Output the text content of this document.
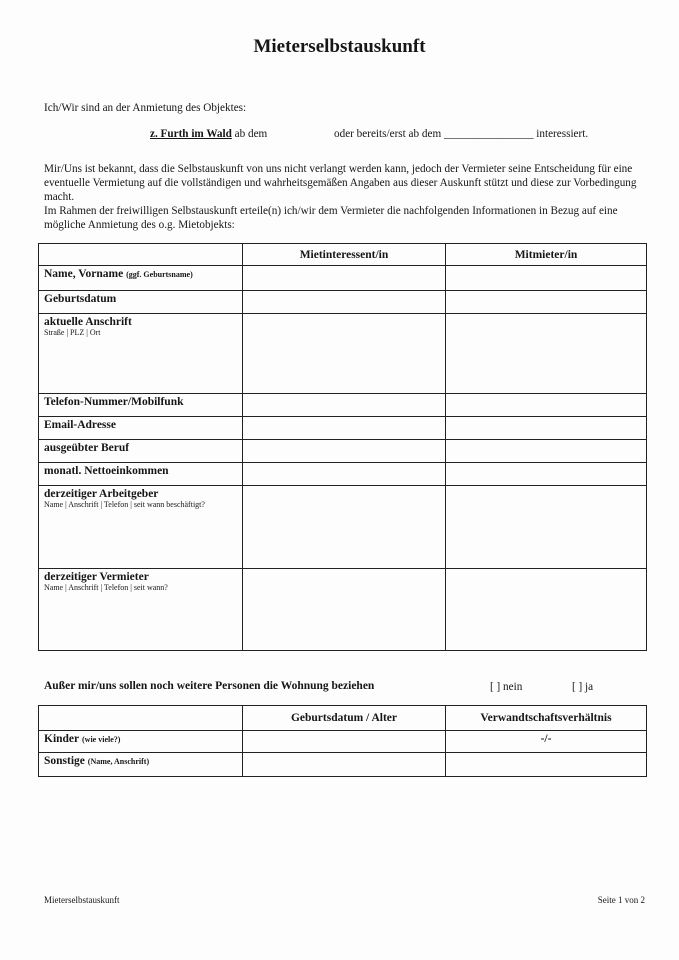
Mieterselbstauskunft
Ich/Wir sind an der Anmietung des Objektes:
z. Furth im Wald ab dem	oder bereits/erst ab dem ________________ interessiert.
Mir/Uns ist bekannt, dass die Selbstauskunft von uns nicht verlangt werden kann, jedoch der Vermieter seine Entscheidung für eine eventuelle Vermietung auf die vollständigen und wahrheitsgemäßen Angaben aus dieser Auskunft stützt und diese zur Vorbedingung macht.
Im Rahmen der freiwilligen Selbstauskunft erteile(n) ich/wir dem Vermieter die nachfolgenden Informationen in Bezug auf eine mögliche Anmietung des o.g. Mietobjekts:
	Mietinteressent/in	Mitmieter/in
Name, Vorname (ggf. Geburtsname)		
Geburtsdatum		
aktuelle Anschrift
Straße | PLZ | Ort		

Telefon-Nummer/Mobilfunk		
Email-Adresse		
ausgeübter Beruf		
monatl. Nettoeinkommen		
derzeitiger Arbeitgeber
Name | Anschrift | Telefon | seit wann beschäftigt?		

derzeitiger Vermieter
Name | Anschrift | Telefon | seit wann?		

Außer mir/uns sollen noch weitere Personen die Wohnung beziehen	[ ] nein	[ ] ja
	Geburtsdatum / Alter	Verwandtschaftsverhältnis
Kinder (wie viele?)		-/-
Sonstige (Name, Anschrift)		
Mieterselbstauskunft	Seite 1 von 2
